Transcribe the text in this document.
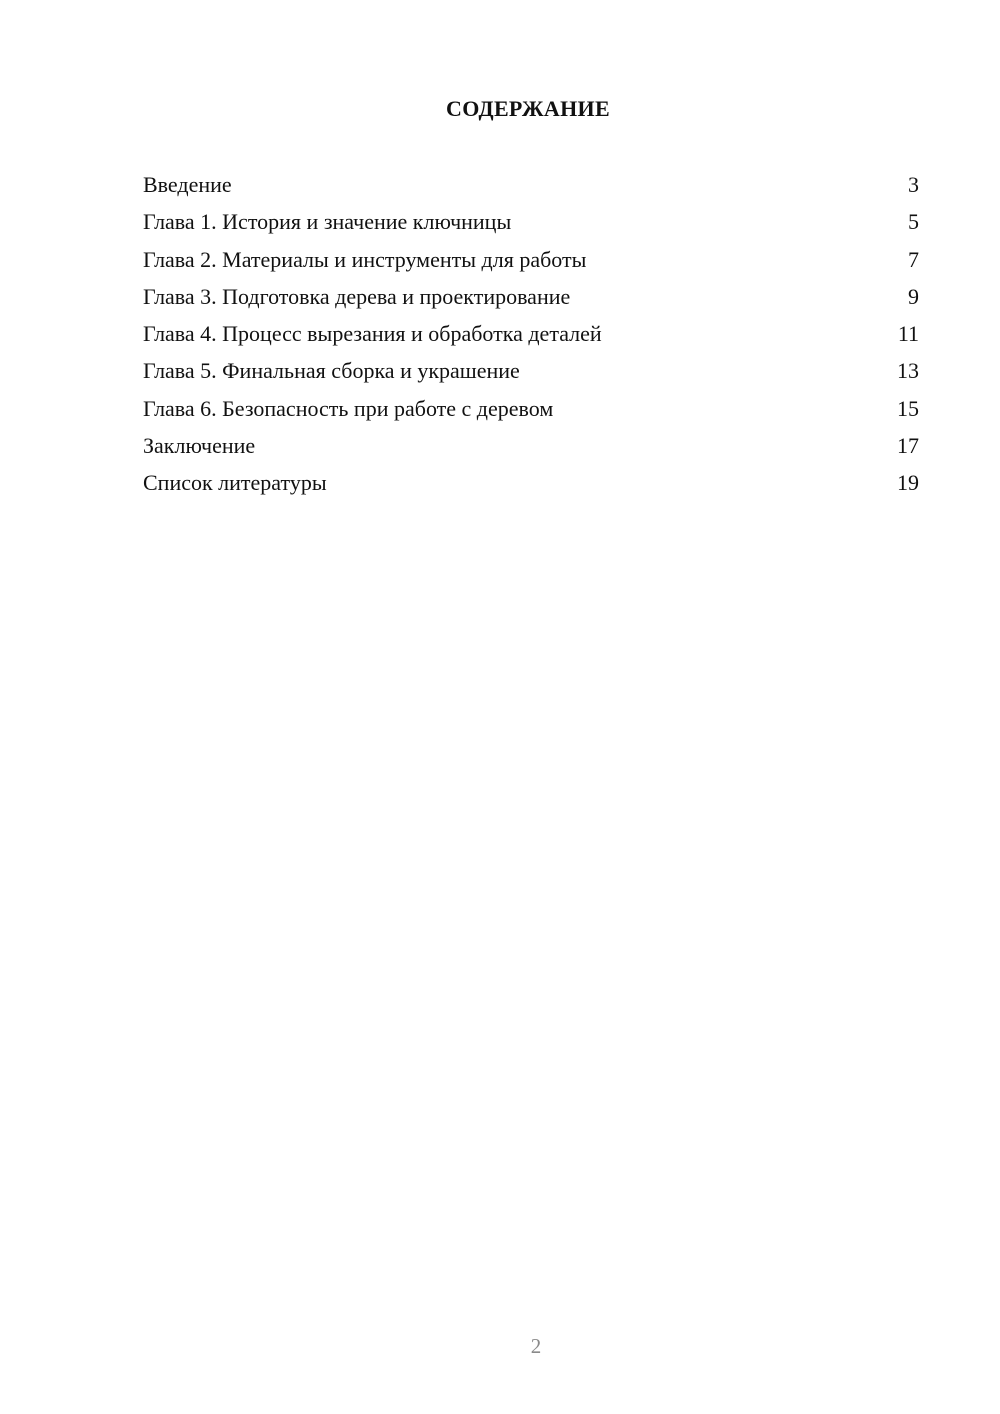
СОДЕРЖАНИЕ
Введение	3
Глава 1. История и значение ключницы	5
Глава 2. Материалы и инструменты для работы	7
Глава 3. Подготовка дерева и проектирование	9
Глава 4. Процесс вырезания и обработка деталей	11
Глава 5. Финальная сборка и украшение	13
Глава 6. Безопасность при работе с деревом	15
Заключение	17
Список литературы	19
2
